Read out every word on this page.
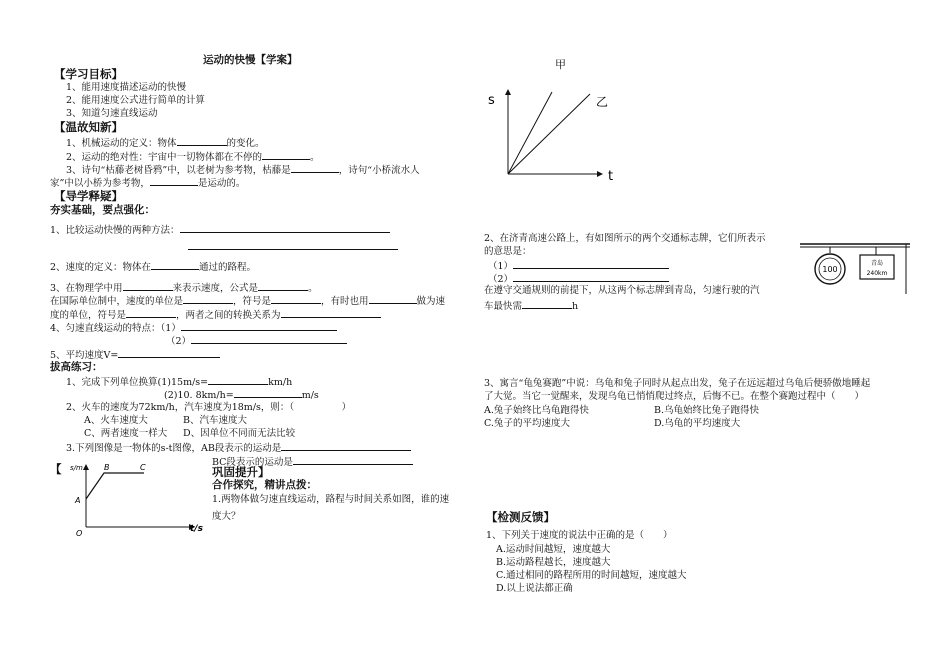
运动的快慢【学案】
【学习目标】
1、能用速度描述运动的快慢
2、能用速度公式进行简单的计算
3、知道匀速直线运动
【温故知新】
1、机械运动的定义：物体	的变化。
2、运动的绝对性：宇宙中一切物体都在不停的	。
3、诗句“枯藤老树昏鸦”中，以老树为参考物，枯藤是	，诗句“小桥流水人
家”中以小桥为参考物，	是运动的。
【导学释疑】
夯实基础，要点强化：
1、比较运动快慢的两种方法：
2、速度的定义：物体在	通过的路程。
3、在物理学中用	来表示速度，公式是	。
在国际单位制中，速度的单位是	，符号是	，有时也用	做为速
度的单位，符号是	，两者之间的转换关系为
4、匀速直线运动的特点：（1）
（2）
5、平均速度V=
拔高练习：
1、完成下列单位换算(1)15m/s=	km/h
(2)10. 8km/h=	m/s
2、火车的速度为72km/h，汽车速度为18m/s，则：（　　　　　）
A、火车速度大	B、汽车速度大
C、两者速度一样大 D、因单位不同而无法比较
3.下列图像是一物体的s-t图像，AB段表示的运动是
BC段表示的运动是
【 s/m
t/s
A
B	C
O
巩固提升】
合作探究，精讲点拨：
1.两物体做匀速直线运动，路程与时间关系如图，谁的速
度大？
甲
s
t
乙
2、在济青高速公路上，有如图所示的两个交通标志牌，它们所表示
的意思是：
（1）
（2）
在遵守交通规则的前提下，从这两个标志牌到青岛，匀速行驶的汽
车最快需	h
100
青岛
240km
3、寓言“龟兔赛跑”中说：乌龟和兔子同时从起点出发，兔子在远远超过乌龟后便骄傲地睡起
了大觉。当它一觉醒来，发现乌龟已悄悄爬过终点，后悔不已。在整个赛跑过程中（　　）
A.兔子始终比乌龟跑得快	B.乌龟始终比兔子跑得快
C.兔子的平均速度大	D.乌龟的平均速度大
【检测反馈】
1、下列关于速度的说法中正确的是（　　）
A.运动时间越短，速度越大
B.运动路程越长，速度越大
C.通过相同的路程所用的时间越短，速度越大
D.以上说法都正确
